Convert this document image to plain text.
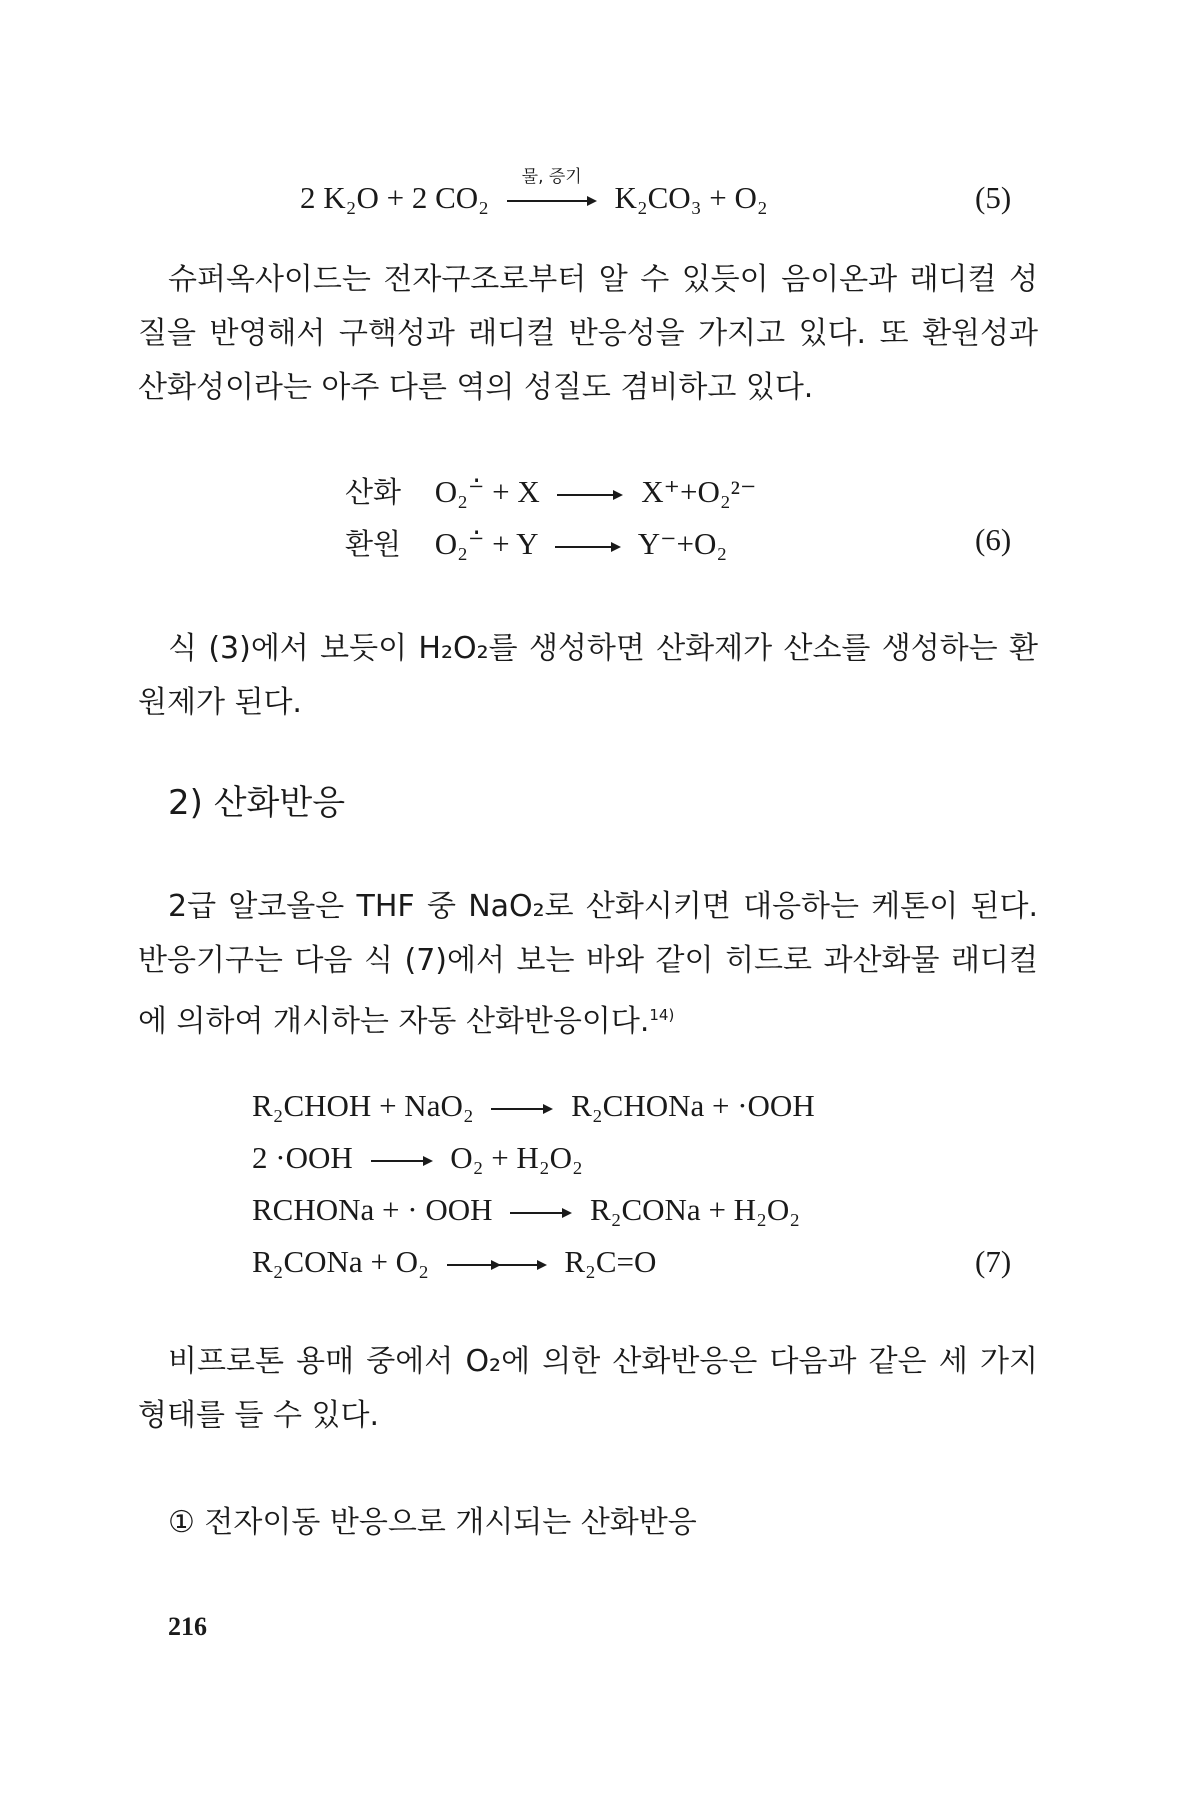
2 K₂O + 2 CO₂
물, 증기
K₂CO₃ + O₂	(5)

슈퍼옥사이드는 전자구조로부터 알 수 있듯이 음이온과 래디컬 성질을 반영해서 구핵성과 래디컬 반응성을 가지고 있다. 또 환원성과 산화성이라는 아주 다른 역의 성질도 겸비하고 있다.

산화 O₂⁻̇ + X	X⁺+O₂²⁻
환원 O₂⁻̇ + Y	Y⁻+O₂	(6)

식 (3)에서 보듯이 H₂O₂를 생성하면 산화제가 산소를 생성하는 환원제가 된다.

2) 산화반응

2급 알코올은 THF 중 NaO₂로 산화시키면 대응하는 케톤이 된다. 반응기구는 다음 식 (7)에서 보는 바와 같이 히드로 과산화물 래디컬에 의하여 개시하는 자동 산화반응이다.$^{14)}$

R₂CHOH + NaO₂	R₂CHONa + ·OOH
2 ·OOH	O₂ + H₂O₂
RCHONa + · OOH	R₂CONa + H₂O₂
R₂CONa + O₂	R₂C=O	(7)

비프로톤 용매 중에서 O₂에 의한 산화반응은 다음과 같은 세 가지 형태를 들 수 있다.

① 전자이동 반응으로 개시되는 산화반응
216
